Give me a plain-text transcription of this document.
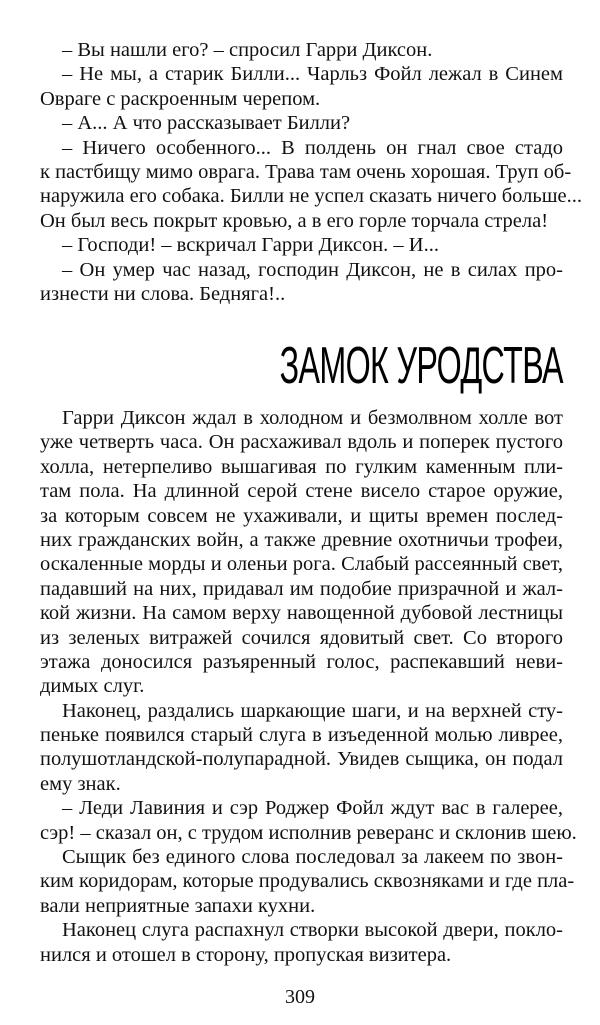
– Вы нашли его? – спросил Гарри Диксон.
– Не мы, а старик Билли... Чарльз Фойл лежал в Синем
Овраге с раскроенным черепом.
– А... А что рассказывает Билли?
– Ничего особенного... В полдень он гнал свое стадо
к пастбищу мимо оврага. Трава там очень хорошая. Труп об-
наружила его собака. Билли не успел сказать ничего больше...
Он был весь покрыт кровью, а в его горле торчала стрела!
– Господи! – вскричал Гарри Диксон. – И...
– Он умер час назад, господин Диксон, не в силах про-
изнести ни слова. Бедняга!..
ЗАМОК УРОДСТВА
Гарри Диксон ждал в холодном и безмолвном холле вот
уже четверть часа. Он расхаживал вдоль и поперек пустого
холла, нетерпеливо вышагивая по гулким каменным пли-
там пола. На длинной серой стене висело старое оружие,
за которым совсем не ухаживали, и щиты времен послед-
них гражданских войн, а также древние охотничьи трофеи,
оскаленные морды и оленьи рога. Слабый рассеянный свет,
падавший на них, придавал им подобие призрачной и жал-
кой жизни. На самом верху навощенной дубовой лестницы
из зеленых витражей сочился ядовитый свет. Со второго
этажа доносился разъяренный голос, распекавший неви-
димых слуг.
Наконец, раздались шаркающие шаги, и на верхней сту-
пеньке появился старый слуга в изъеденной молью ливрее,
полушотландской-полупарадной. Увидев сыщика, он подал
ему знак.
– Леди Лавиния и сэр Роджер Фойл ждут вас в галерее,
сэр! – сказал он, с трудом исполнив реверанс и склонив шею.
Сыщик без единого слова последовал за лакеем по звон-
ким коридорам, которые продувались сквозняками и где пла-
вали неприятные запахи кухни.
Наконец слуга распахнул створки высокой двери, покло-
нился и отошел в сторону, пропуская визитера.
309
